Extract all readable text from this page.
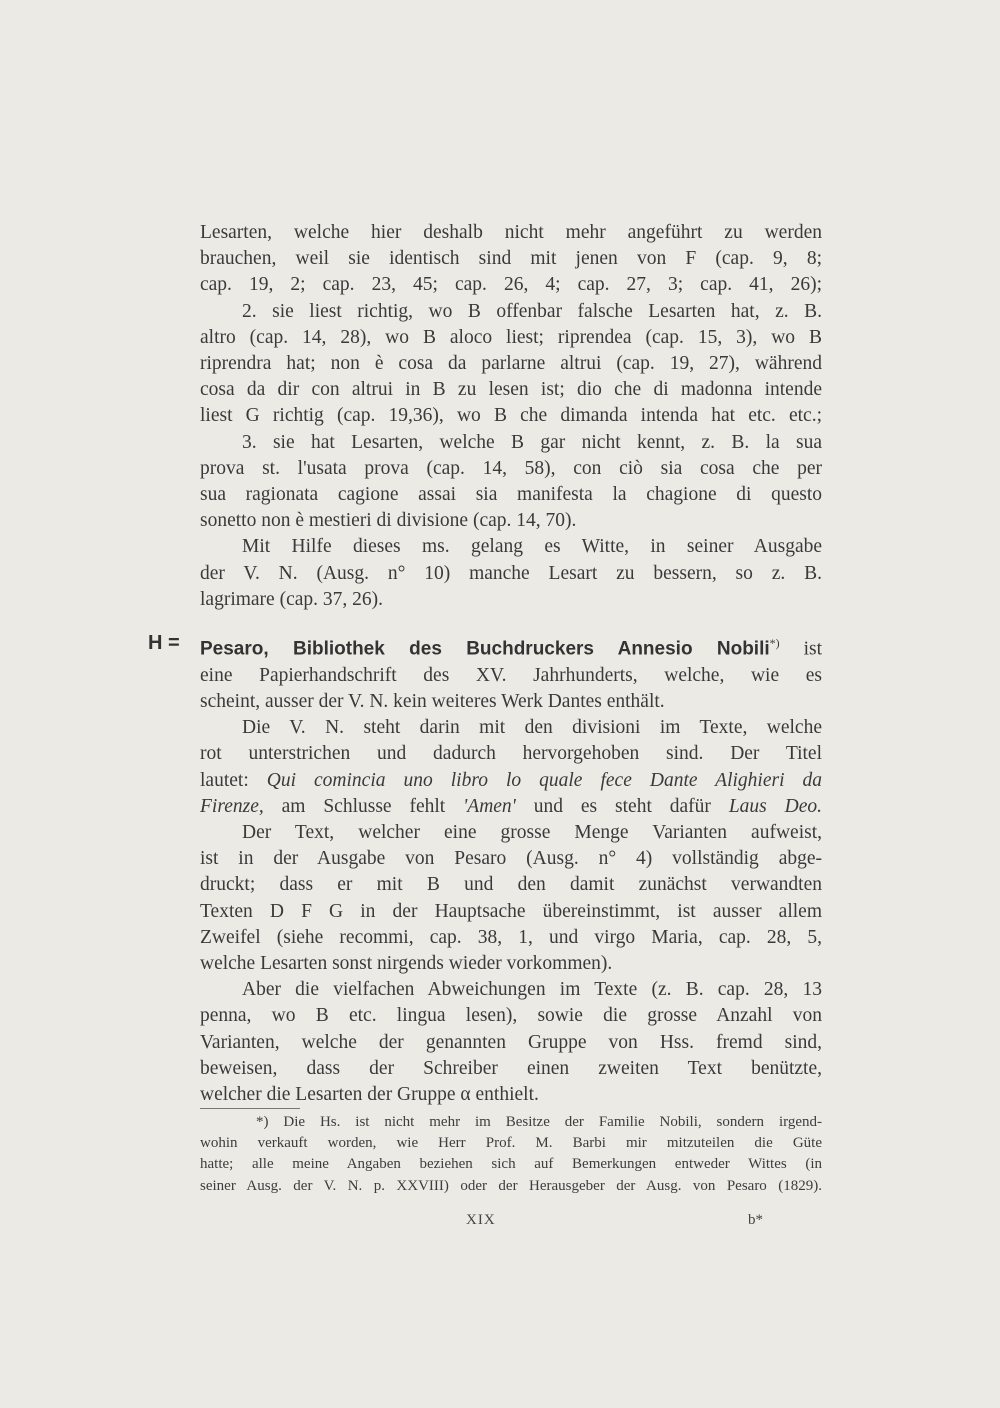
Lesarten, welche hier deshalb nicht mehr angeführt zu werden
brauchen, weil sie identisch sind mit jenen von F (cap. 9, 8;
cap. 19, 2; cap. 23, 45; cap. 26, 4; cap. 27, 3; cap. 41, 26);
2. sie liest richtig, wo B offenbar falsche Lesarten hat, z. B.
altro (cap. 14, 28), wo B aloco liest; riprendea (cap. 15, 3), wo B
riprendra hat; non è cosa da parlarne altrui (cap. 19, 27), während
cosa da dir con altrui in B zu lesen ist; dio che di madonna intende
liest G richtig (cap. 19,36), wo B che dimanda intenda hat etc. etc.;
3. sie hat Lesarten, welche B gar nicht kennt, z. B. la sua
prova st. l'usata prova (cap. 14, 58), con ciò sia cosa che per
sua ragionata cagione assai sia manifesta la chagione di questo
sonetto non è mestieri di divisione (cap. 14, 70).
Mit Hilfe dieses ms. gelang es Witte, in seiner Ausgabe
der V. N. (Ausg. n° 10) manche Lesart zu bessern, so z. B.
lagrimare (cap. 37, 26).
H = Pesaro, Bibliothek des Buchdruckers Annesio Nobili*) ist
eine Papierhandschrift des XV. Jahrhunderts, welche, wie es
scheint, ausser der V. N. kein weiteres Werk Dantes enthält.
Die V. N. steht darin mit den divisioni im Texte, welche
rot unterstrichen und dadurch hervorgehoben sind. Der Titel
lautet: Qui comincia uno libro lo quale fece Dante Alighieri da
Firenze, am Schlusse fehlt 'Amen' und es steht dafür Laus Deo.
Der Text, welcher eine grosse Menge Varianten aufweist,
ist in der Ausgabe von Pesaro (Ausg. n° 4) vollständig abge-
druckt; dass er mit B und den damit zunächst verwandten
Texten D F G in der Hauptsache übereinstimmt, ist ausser allem
Zweifel (siehe recommi, cap. 38, 1, und virgo Maria, cap. 28, 5,
welche Lesarten sonst nirgends wieder vorkommen).
Aber die vielfachen Abweichungen im Texte (z. B. cap. 28, 13
penna, wo B etc. lingua lesen), sowie die grosse Anzahl von
Varianten, welche der genannten Gruppe von Hss. fremd sind,
beweisen, dass der Schreiber einen zweiten Text benützte,
welcher die Lesarten der Gruppe α enthielt.
*) Die Hs. ist nicht mehr im Besitze der Familie Nobili, sondern irgend-
wohin verkauft worden, wie Herr Prof. M. Barbi mir mitzuteilen die Güte
hatte; alle meine Angaben beziehen sich auf Bemerkungen entweder Wittes (in
seiner Ausg. der V. N. p. XXVIII) oder der Herausgeber der Ausg. von Pesaro (1829).
XIX	b*
